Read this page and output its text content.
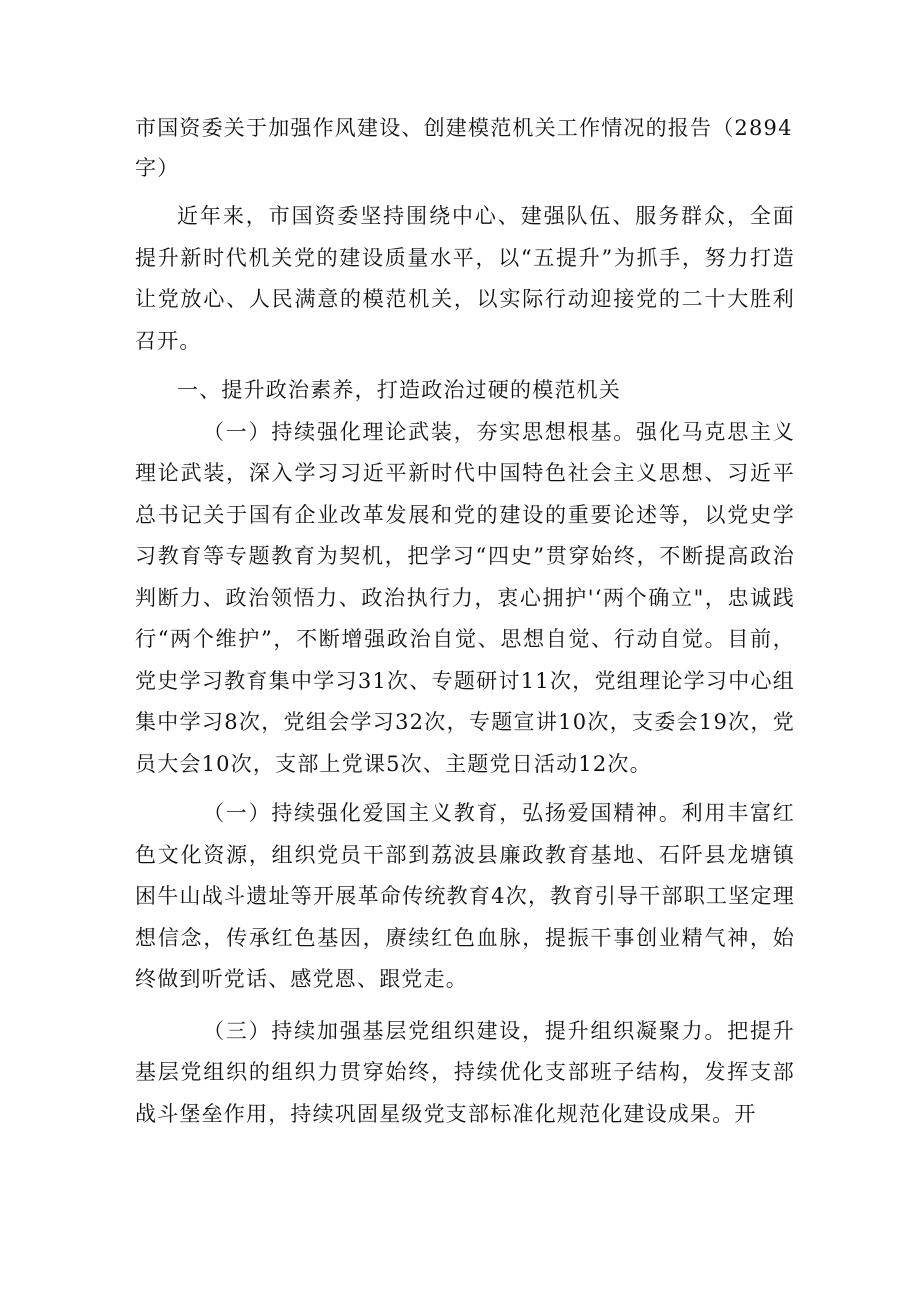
市国资委关于加强作风建设、创建模范机关工作情况的报告（2894字）

近年来，市国资委坚持围绕中心、建强队伍、服务群众，全面提升新时代机关党的建设质量水平，以“五提升”为抓手，努力打造让党放心、人民满意的模范机关，以实际行动迎接党的二十大胜利召开。

一、提升政治素养，打造政治过硬的模范机关

（一）持续强化理论武装，夯实思想根基。强化马克思主义理论武装，深入学习习近平新时代中国特色社会主义思想、习近平总书记关于国有企业改革发展和党的建设的重要论述等，以党史学习教育等专题教育为契机，把学习“四史”贯穿始终，不断提高政治判断力、政治领悟力、政治执行力，衷心拥护'‘两个确立"，忠诚践行“两个维护”，不断增强政治自觉、思想自觉、行动自觉。目前，党史学习教育集中学习31次、专题研讨11次，党组理论学习中心组集中学习8次，党组会学习32次，专题宣讲10次，支委会19次，党员大会10次，支部上党课5次、主题党日活动12次。

（一）持续强化爱国主义教育，弘扬爱国精神。利用丰富红色文化资源，组织党员干部到荔波县廉政教育基地、石阡县龙塘镇困牛山战斗遗址等开展革命传统教育4次，教育引导干部职工坚定理想信念，传承红色基因，赓续红色血脉，提振干事创业精气神，始终做到听党话、感党恩、跟党走。

（三）持续加强基层党组织建设，提升组织凝聚力。把提升基层党组织的组织力贯穿始终，持续优化支部班子结构，发挥支部战斗堡垒作用，持续巩固星级党支部标准化规范化建设成果。开
